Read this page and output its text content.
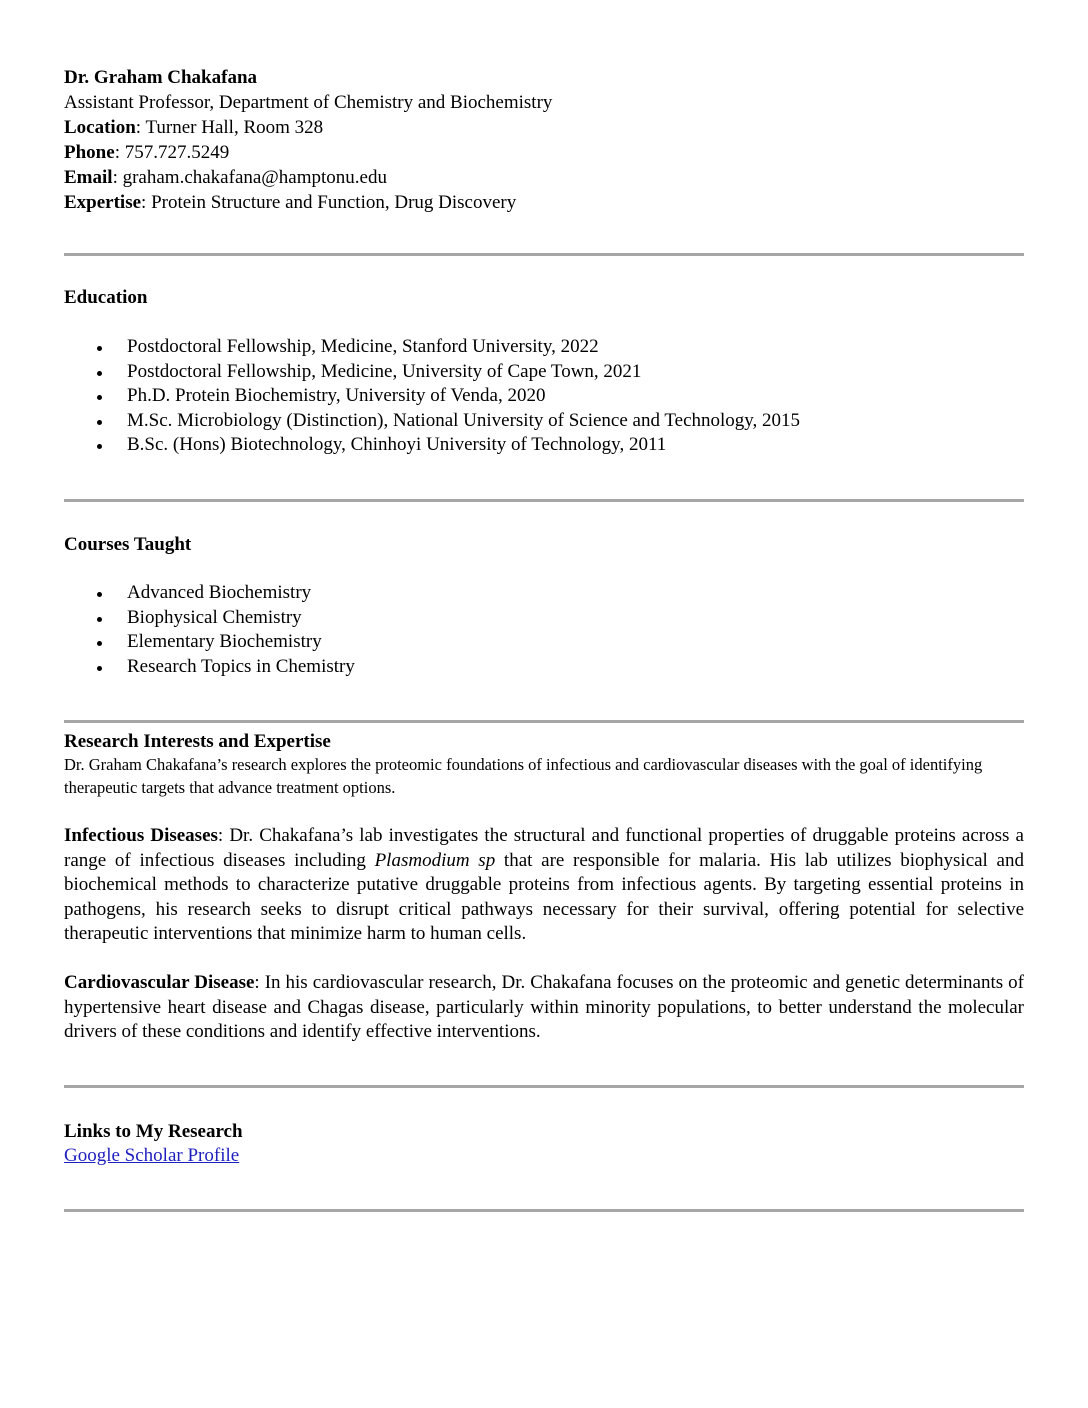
Dr. Graham Chakafana
Assistant Professor, Department of Chemistry and Biochemistry
Location: Turner Hall, Room 328
Phone: 757.727.5249
Email: graham.chakafana@hamptonu.edu
Expertise: Protein Structure and Function, Drug Discovery
Education
Postdoctoral Fellowship, Medicine, Stanford University, 2022
Postdoctoral Fellowship, Medicine, University of Cape Town, 2021
Ph.D. Protein Biochemistry, University of Venda, 2020
M.Sc. Microbiology (Distinction), National University of Science and Technology, 2015
B.Sc. (Hons) Biotechnology, Chinhoyi University of Technology, 2011
Courses Taught
Advanced Biochemistry
Biophysical Chemistry
Elementary Biochemistry
Research Topics in Chemistry
Research Interests and Expertise
Dr. Graham Chakafana’s research explores the proteomic foundations of infectious and cardiovascular diseases with the goal of identifying therapeutic targets that advance treatment options.
Infectious Diseases: Dr. Chakafana’s lab investigates the structural and functional properties of druggable proteins across a range of infectious diseases including Plasmodium sp that are responsible for malaria. His lab utilizes biophysical and biochemical methods to characterize putative druggable proteins from infectious agents. By targeting essential proteins in pathogens, his research seeks to disrupt critical pathways necessary for their survival, offering potential for selective therapeutic interventions that minimize harm to human cells.
Cardiovascular Disease: In his cardiovascular research, Dr. Chakafana focuses on the proteomic and genetic determinants of hypertensive heart disease and Chagas disease, particularly within minority populations, to better understand the molecular drivers of these conditions and identify effective interventions.
Links to My Research
Google Scholar Profile
